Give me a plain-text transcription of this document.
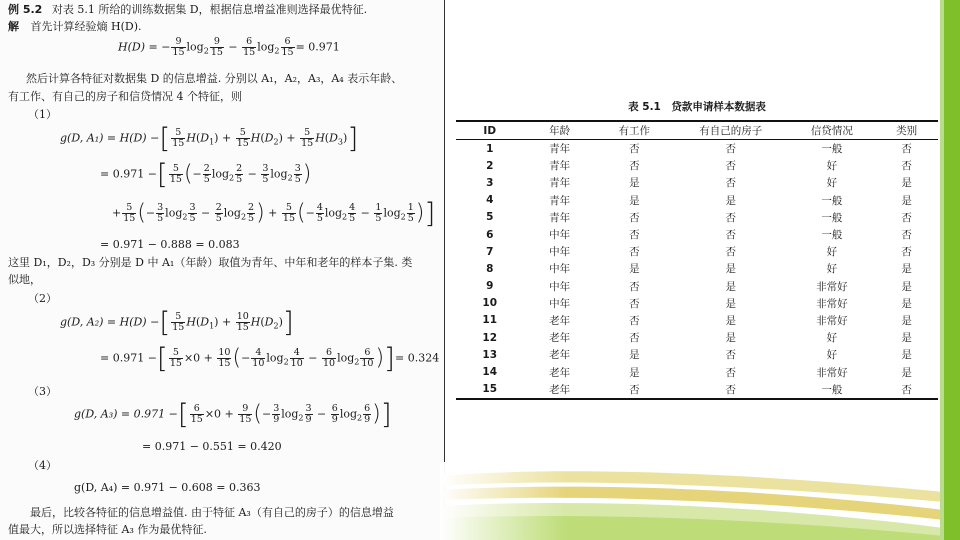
例 5.2 对表 5.1 所给的训练数据集 D，根据信息增益准则选择最优特征.
解 首先计算经验熵 H(D).
H(D) = − $\frac{9}{15} \log_2 \frac{9}{15} - \frac{6}{15} \log_2 \frac{6}{15} = 0.971$
然后计算各特征对数据集 D 的信息增益. 分别以 A₁，A₂，A₃，A₄ 表示年龄、
有工作、有自己的房子和信贷情况 4 个特征，则
（1）
g(D, A₁) = H(D) −[ $\frac{5}{15} H(D_1) + \frac{5}{15} H(D_2) + \frac{5}{15} H(D_3)$]
= 0.971 −[ $\frac{5}{15}$ (− $\frac{2}{5} \log_2 \frac{2}{5} - \frac{3}{5} \log_2 \frac{3}{5}$ )
+ $\frac{5}{15}$ (− $\frac{3}{5} \log_2 \frac{3}{5} - \frac{2}{5} \log_2 \frac{2}{5}$ ) + $\frac{5}{15}$ (− $\frac{4}{5} \log_2 \frac{4}{5} - \frac{1}{5} \log_2 \frac{1}{5}$ )]
= 0.971 − 0.888 = 0.083
这里 D₁，D₂，D₃ 分别是 D 中 A₁（年龄）取值为青年、中年和老年的样本子集. 类
似地，
（2）
g(D, A₂) = H(D) −[ $\frac{5}{15} H(D_1) + \frac{10}{15} H(D_2)$]
= 0.971 −[ $\frac{5}{15} \times 0 + \frac{10}{15}$ (− $\frac{4}{10} \log_2 \frac{4}{10} - \frac{6}{10} \log_2 \frac{6}{10}$ )]= 0.324
（3）
g(D, A₃) = 0.971 −[ $\frac{6}{15} \times 0 + \frac{9}{15}$ (− $\frac{3}{9} \log_2 \frac{3}{9} - \frac{6}{9} \log_2 \frac{6}{9}$ )]
= 0.971 − 0.551 = 0.420
（4）
g(D, A₄) = 0.971 − 0.608 = 0.363
最后，比较各特征的信息增益值. 由于特征 A₃（有自己的房子）的信息增益
值最大，所以选择特征 A₃ 作为最优特征.
表 5.1　贷款申请样本数据表
ID	年龄	有工作	有自己的房子	信贷情况	类别
1	青年	否	否	一般	否
2	青年	否	否	好	否
3	青年	是	否	好	是
4	青年	是	是	一般	是
5	青年	否	否	一般	否
6	中年	否	否	一般	否
7	中年	否	否	好	否
8	中年	是	是	好	是
9	中年	否	是	非常好	是
10	中年	否	是	非常好	是
11	老年	否	是	非常好	是
12	老年	否	是	好	是
13	老年	是	否	好	是
14	老年	是	否	非常好	是
15	老年	否	否	一般	否
